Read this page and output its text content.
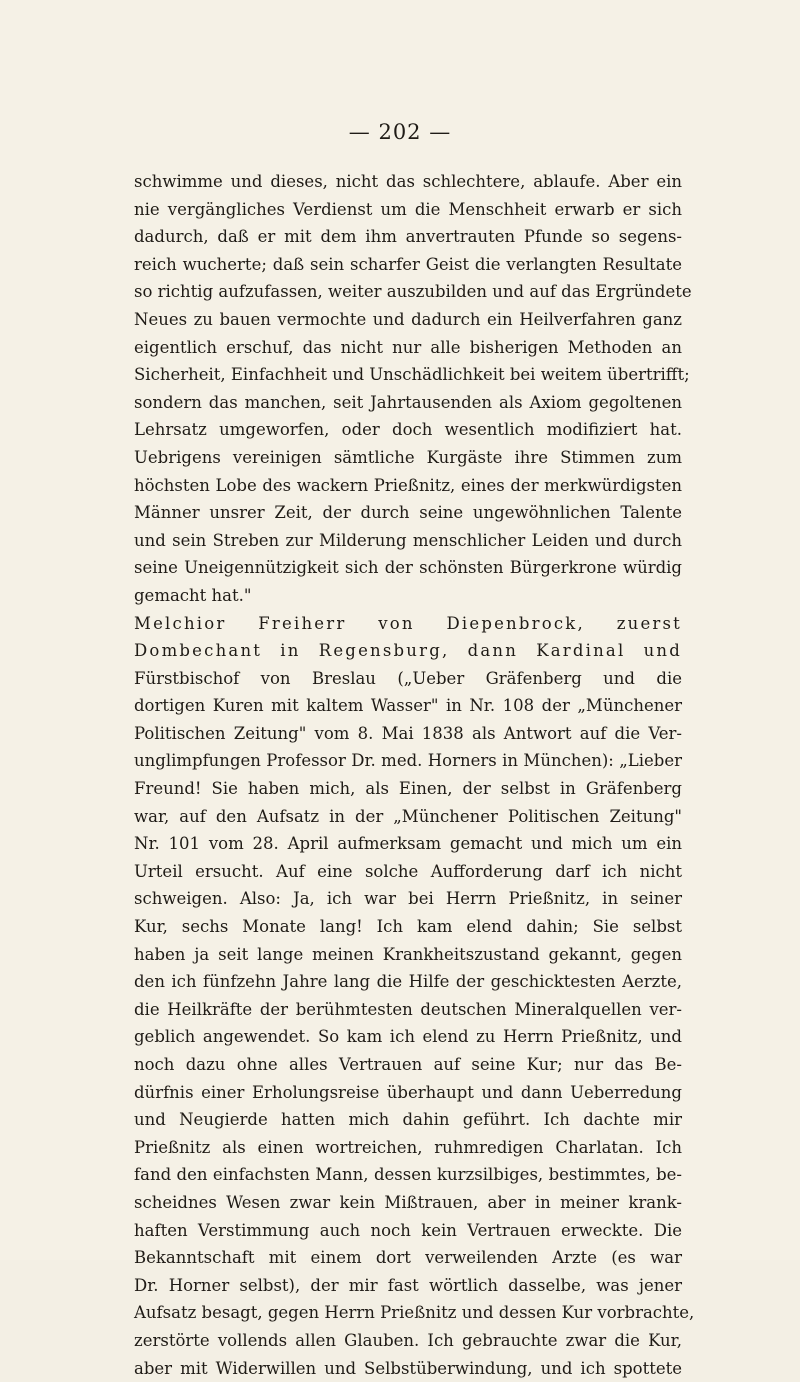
— 202 —
schwimme und dieses, nicht das schlechtere, ablaufe. Aber ein
nie vergängliches Verdienst um die Menschheit erwarb er sich
dadurch, daß er mit dem ihm anvertrauten Pfunde so segens-
reich wucherte; daß sein scharfer Geist die verlangten Resultate
so richtig aufzufassen, weiter auszubilden und auf das Ergründete
Neues zu bauen vermochte und dadurch ein Heilverfahren ganz
eigentlich erschuf, das nicht nur alle bisherigen Methoden an
Sicherheit, Einfachheit und Unschädlichkeit bei weitem übertrifft;
sondern das manchen, seit Jahrtausenden als Axiom gegoltenen
Lehrsatz umgeworfen, oder doch wesentlich modifiziert hat.
Uebrigens vereinigen sämtliche Kurgäste ihre Stimmen zum
höchsten Lobe des wackern Prießnitz, eines der merkwürdigsten
Männer unsrer Zeit, der durch seine ungewöhnlichen Talente
und sein Streben zur Milderung menschlicher Leiden und durch
seine Uneigennützigkeit sich der schönsten Bürgerkrone würdig
gemacht hat."
Melchior Freiherr von Diepenbrock, zuerst
Dombechant in Regensburg, dann Kardinal und
Fürstbischof von Breslau („Ueber Gräfenberg und die
dortigen Kuren mit kaltem Wasser" in Nr. 108 der „Münchener
Politischen Zeitung" vom 8. Mai 1838 als Antwort auf die Ver-
unglimpfungen Professor Dr. med. Horners in München): „Lieber
Freund! Sie haben mich, als Einen, der selbst in Gräfenberg
war, auf den Aufsatz in der „Münchener Politischen Zeitung"
Nr. 101 vom 28. April aufmerksam gemacht und mich um ein
Urteil ersucht. Auf eine solche Aufforderung darf ich nicht
schweigen. Also: Ja, ich war bei Herrn Prießnitz, in seiner
Kur, sechs Monate lang! Ich kam elend dahin; Sie selbst
haben ja seit lange meinen Krankheitszustand gekannt, gegen
den ich fünfzehn Jahre lang die Hilfe der geschicktesten Aerzte,
die Heilkräfte der berühmtesten deutschen Mineralquellen ver-
geblich angewendet. So kam ich elend zu Herrn Prießnitz, und
noch dazu ohne alles Vertrauen auf seine Kur; nur das Be-
dürfnis einer Erholungsreise überhaupt und dann Ueberredung
und Neugierde hatten mich dahin geführt. Ich dachte mir
Prießnitz als einen wortreichen, ruhmredigen Charlatan. Ich
fand den einfachsten Mann, dessen kurzsilbiges, bestimmtes, be-
scheidnes Wesen zwar kein Mißtrauen, aber in meiner krank-
haften Verstimmung auch noch kein Vertrauen erweckte. Die
Bekanntschaft mit einem dort verweilenden Arzte (es war
Dr. Horner selbst), der mir fast wörtlich dasselbe, was jener
Aufsatz besagt, gegen Herrn Prießnitz und dessen Kur vorbrachte,
zerstörte vollends allen Glauben. Ich gebrauchte zwar die Kur,
aber mit Widerwillen und Selbstüberwindung, und ich spottete
